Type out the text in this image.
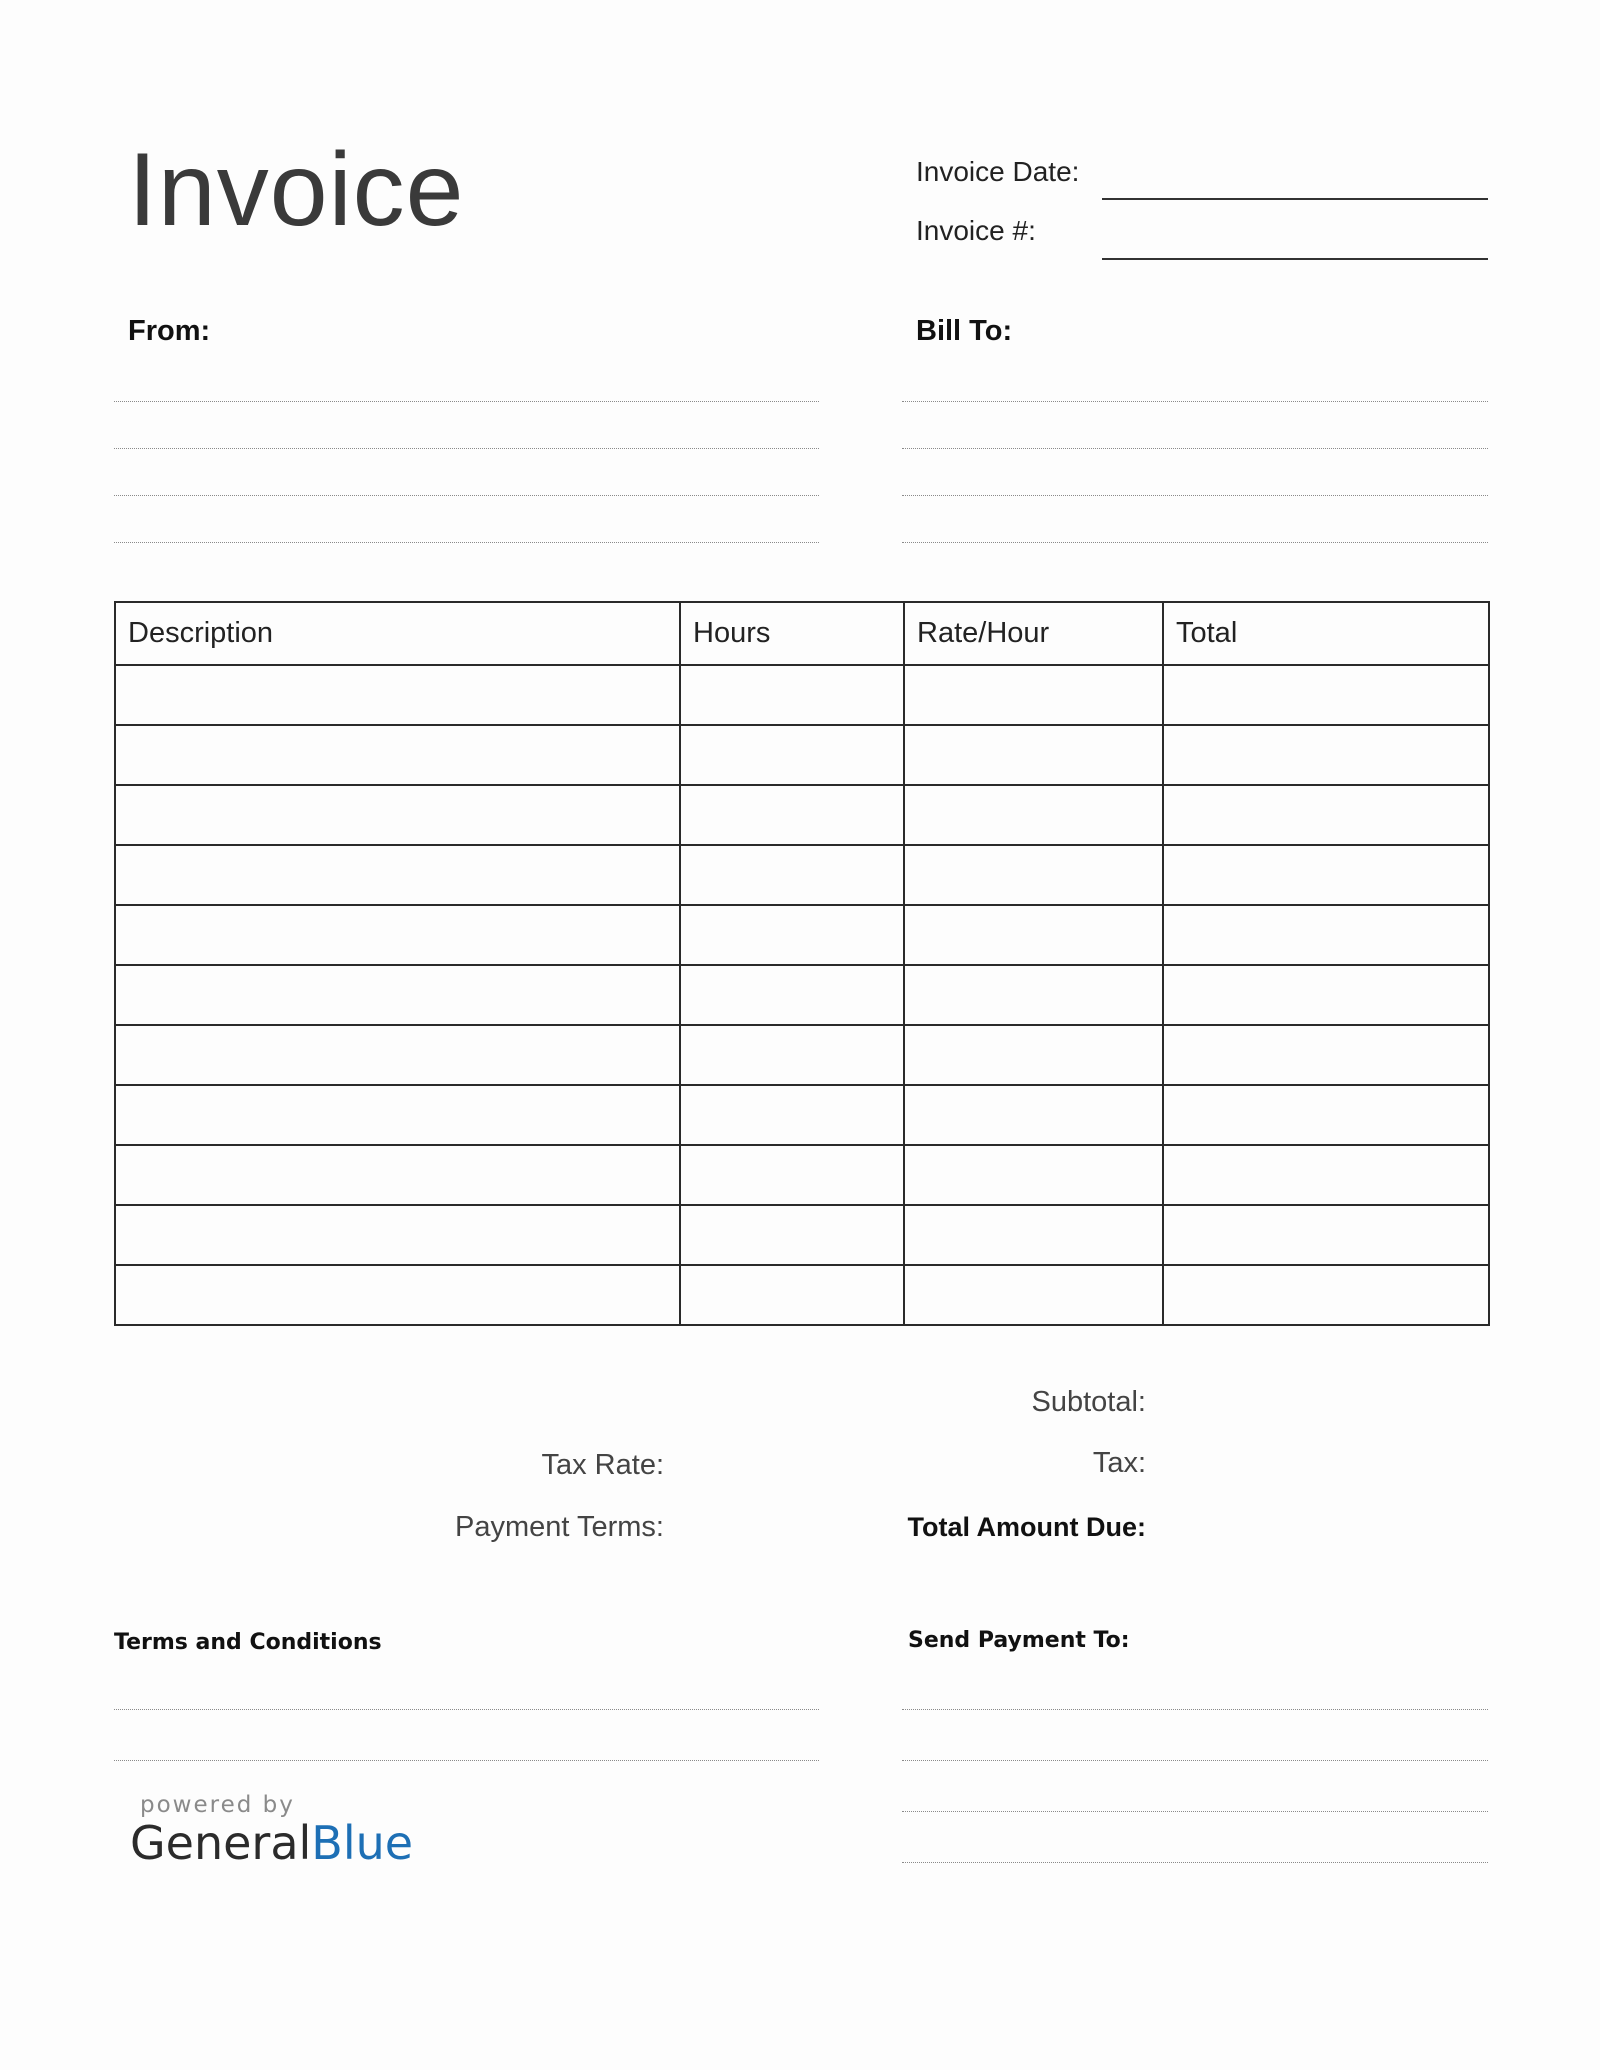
Invoice	Invoice Date:
Invoice #:
From:	Bill To:
Description	Hours	Rate/Hour	Total

Subtotal:
Tax Rate:	Tax:
Payment Terms:	Total Amount Due:
Terms and Conditions	Send Payment To:
powered by
GeneralBlue
